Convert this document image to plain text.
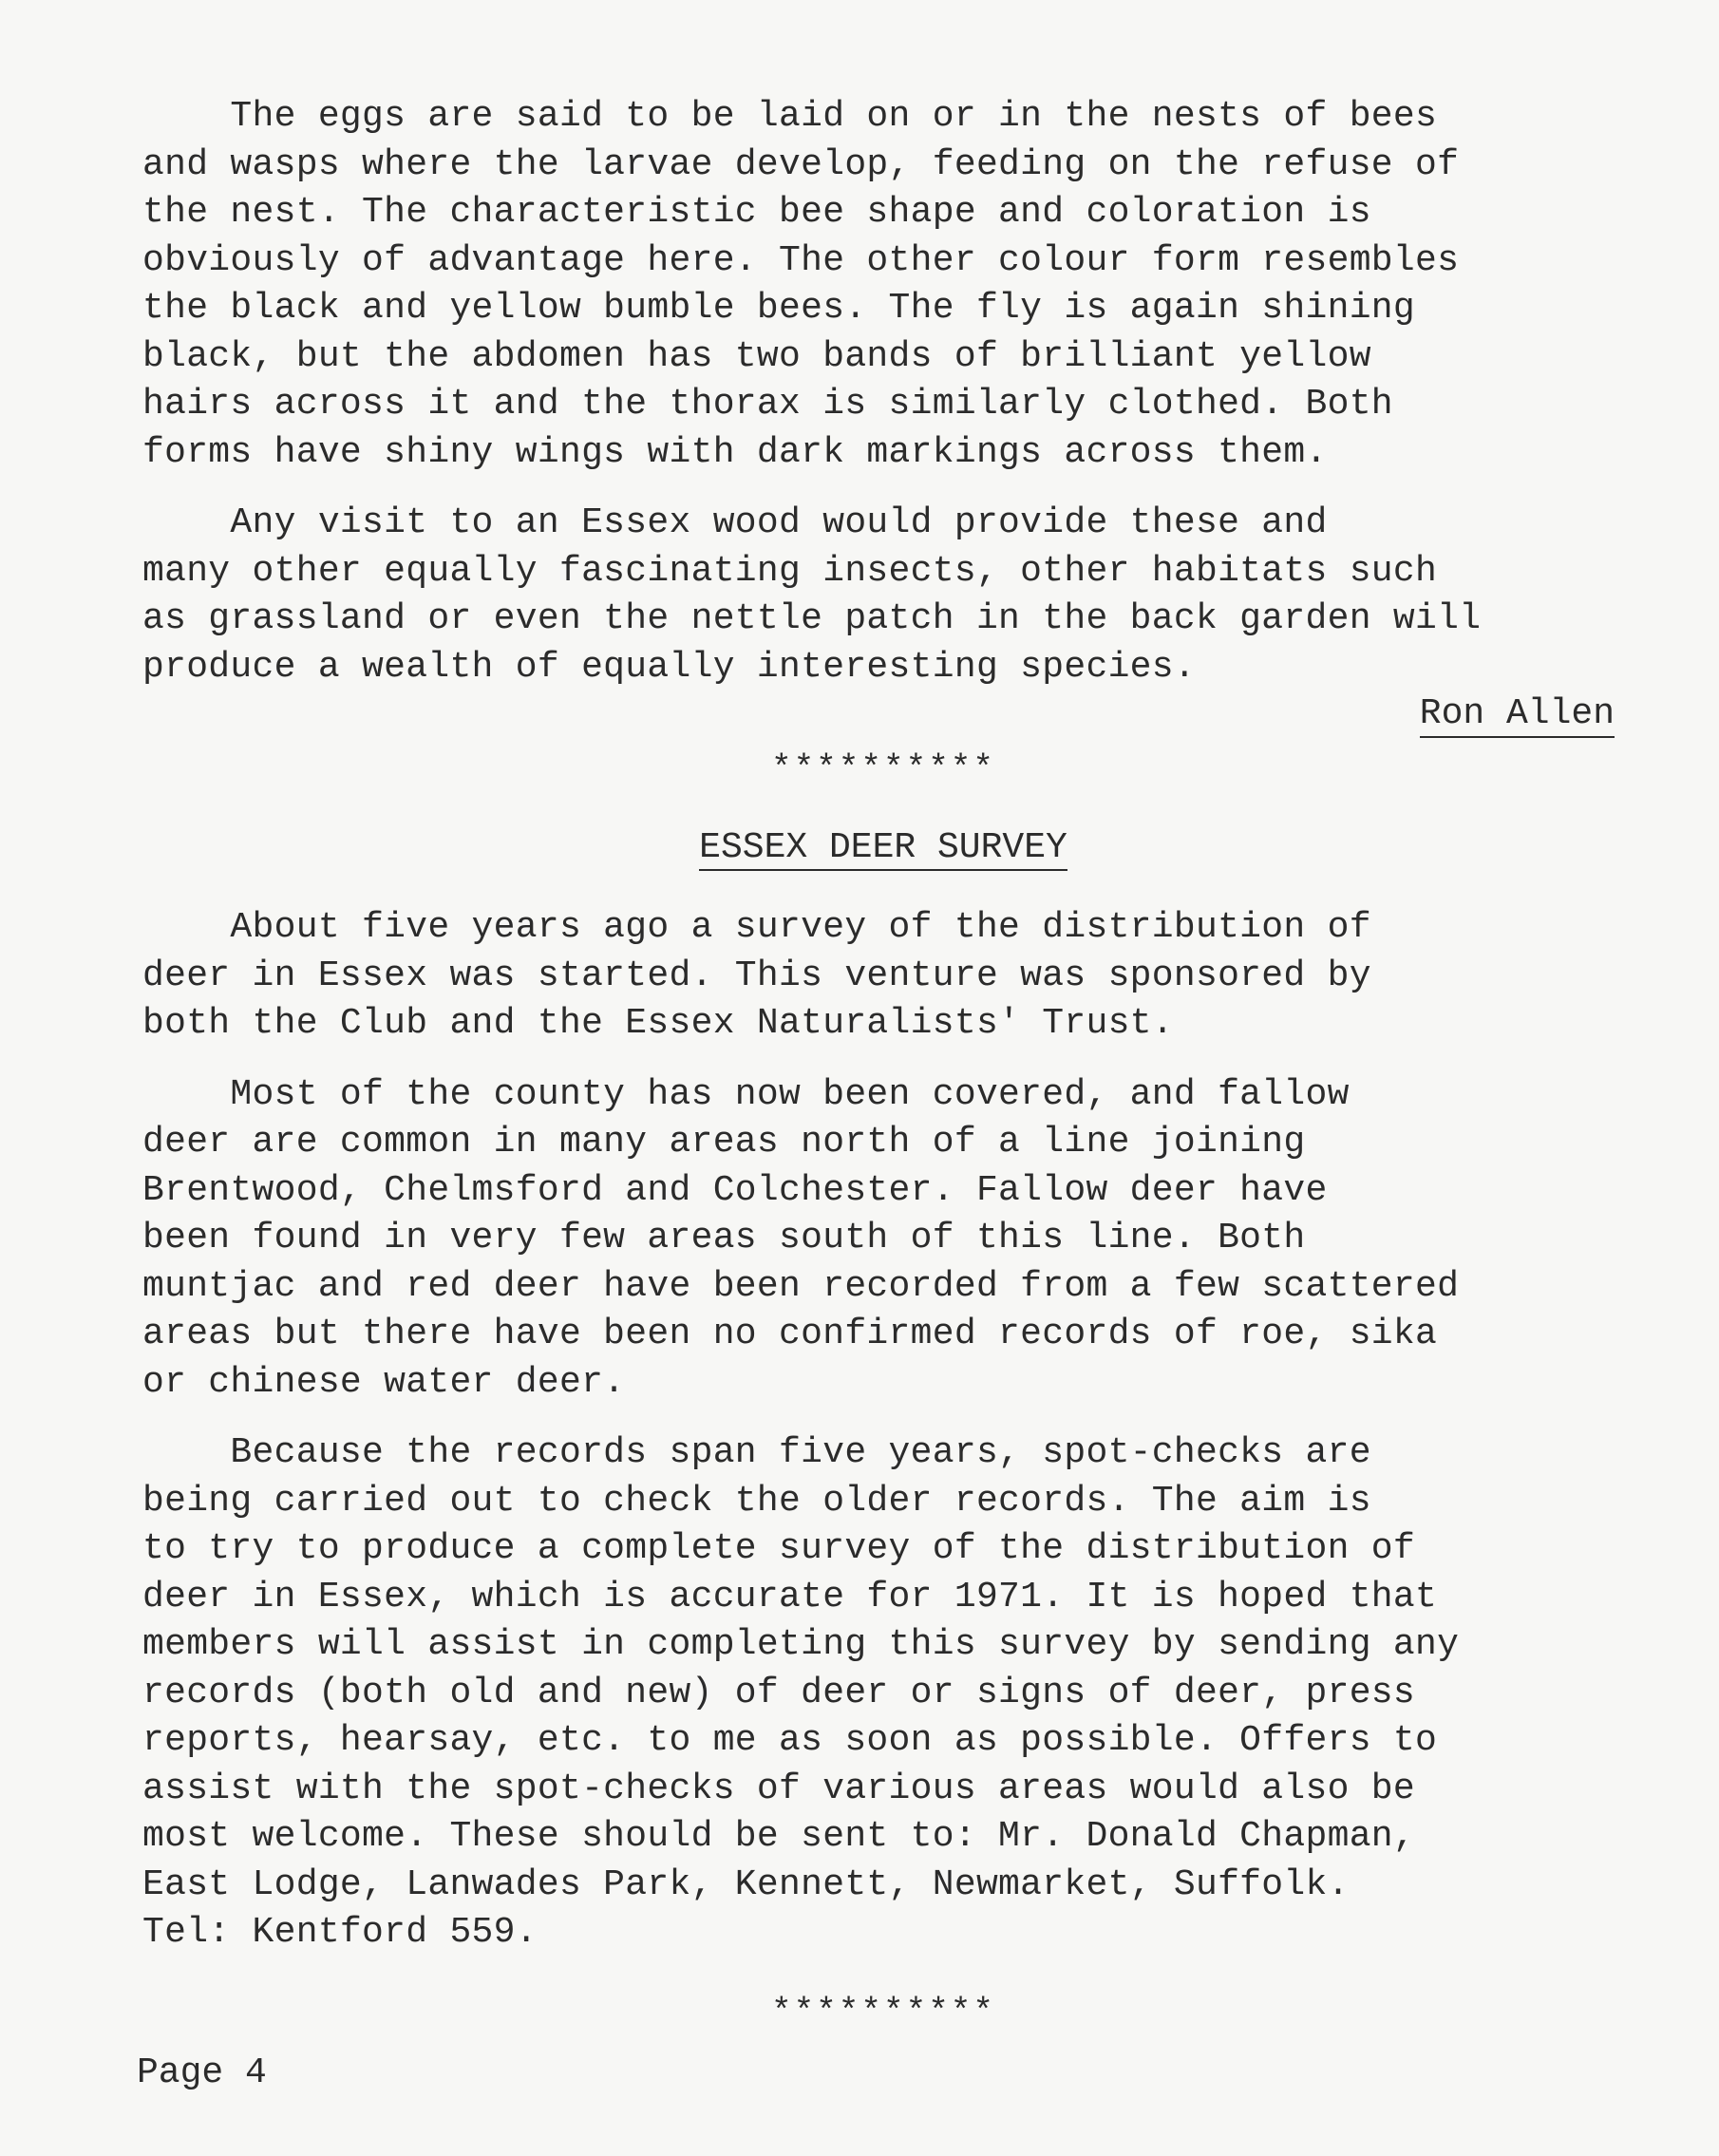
The eggs are said to be laid on or in the nests of bees
and wasps where the larvae develop, feeding on the refuse of
the nest. The characteristic bee shape and coloration is
obviously of advantage here. The other colour form resembles
the black and yellow bumble bees. The fly is again shining
black, but the abdomen has two bands of brilliant yellow
hairs across it and the thorax is similarly clothed. Both
forms have shiny wings with dark markings across them.

Any visit to an Essex wood would provide these and
many other equally fascinating insects, other habitats such
as grassland or even the nettle patch in the back garden will
produce a wealth of equally interesting species.

Ron Allen

**********

ESSEX DEER SURVEY

About five years ago a survey of the distribution of
deer in Essex was started. This venture was sponsored by
both the Club and the Essex Naturalists' Trust.

Most of the county has now been covered, and fallow
deer are common in many areas north of a line joining
Brentwood, Chelmsford and Colchester. Fallow deer have
been found in very few areas south of this line. Both
muntjac and red deer have been recorded from a few scattered
areas but there have been no confirmed records of roe, sika
or chinese water deer.

Because the records span five years, spot-checks are
being carried out to check the older records. The aim is
to try to produce a complete survey of the distribution of
deer in Essex, which is accurate for 1971. It is hoped that
members will assist in completing this survey by sending any
records (both old and new) of deer or signs of deer, press
reports, hearsay, etc. to me as soon as possible. Offers to
assist with the spot-checks of various areas would also be
most welcome. These should be sent to: Mr. Donald Chapman,
East Lodge, Lanwades Park, Kennett, Newmarket, Suffolk.
Tel: Kentford 559.

**********

Page 4
